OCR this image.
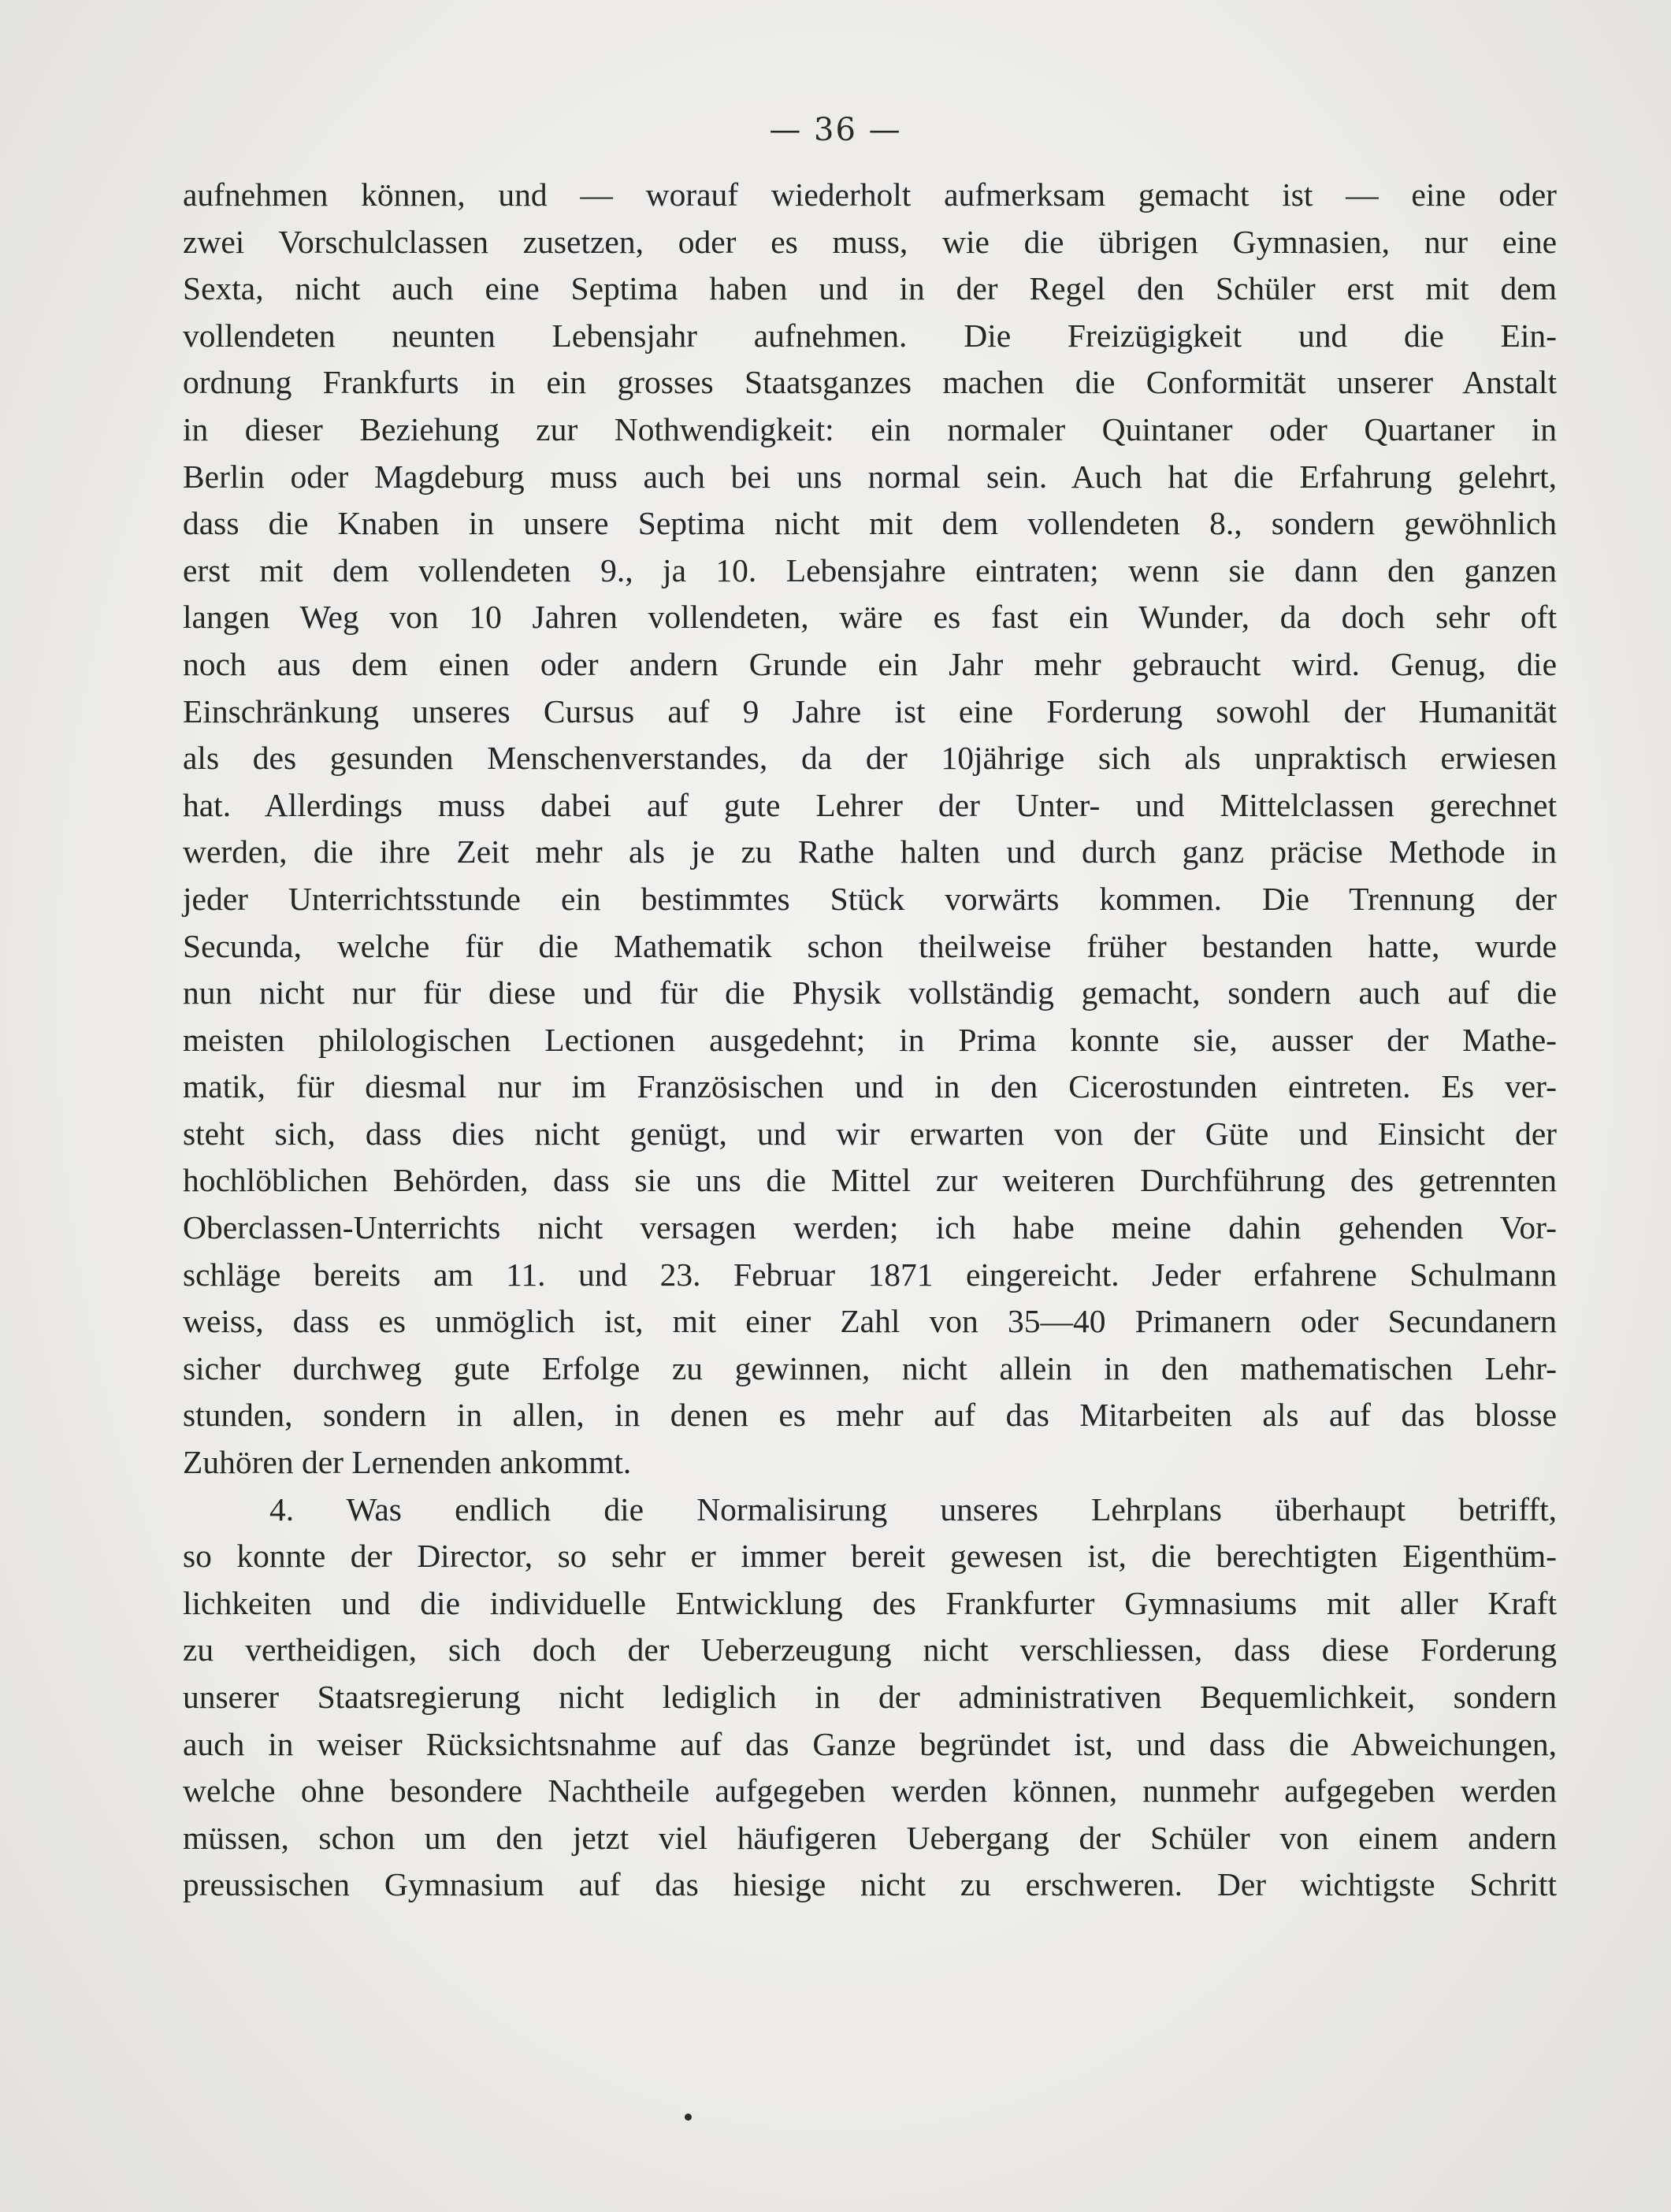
— 36 —
aufnehmen können, und — worauf wiederholt aufmerksam gemacht ist — eine oder
zwei Vorschulclassen zusetzen, oder es muss, wie die übrigen Gymnasien, nur eine
Sexta, nicht auch eine Septima haben und in der Regel den Schüler erst mit dem
vollendeten neunten Lebensjahr aufnehmen. Die Freizügigkeit und die Ein-
ordnung Frankfurts in ein grosses Staatsganzes machen die Conformität unserer Anstalt
in dieser Beziehung zur Nothwendigkeit: ein normaler Quintaner oder Quartaner in
Berlin oder Magdeburg muss auch bei uns normal sein. Auch hat die Erfahrung gelehrt,
dass die Knaben in unsere Septima nicht mit dem vollendeten 8., sondern gewöhnlich
erst mit dem vollendeten 9., ja 10. Lebensjahre eintraten; wenn sie dann den ganzen
langen Weg von 10 Jahren vollendeten, wäre es fast ein Wunder, da doch sehr oft
noch aus dem einen oder andern Grunde ein Jahr mehr gebraucht wird. Genug, die
Einschränkung unseres Cursus auf 9 Jahre ist eine Forderung sowohl der Humanität
als des gesunden Menschenverstandes, da der 10jährige sich als unpraktisch erwiesen
hat. Allerdings muss dabei auf gute Lehrer der Unter- und Mittelclassen gerechnet
werden, die ihre Zeit mehr als je zu Rathe halten und durch ganz präcise Methode in
jeder Unterrichtsstunde ein bestimmtes Stück vorwärts kommen. Die Trennung der
Secunda, welche für die Mathematik schon theilweise früher bestanden hatte, wurde
nun nicht nur für diese und für die Physik vollständig gemacht, sondern auch auf die
meisten philologischen Lectionen ausgedehnt; in Prima konnte sie, ausser der Mathe-
matik, für diesmal nur im Französischen und in den Cicerostunden eintreten. Es ver-
steht sich, dass dies nicht genügt, und wir erwarten von der Güte und Einsicht der
hochlöblichen Behörden, dass sie uns die Mittel zur weiteren Durchführung des getrennten
Oberclassen-Unterrichts nicht versagen werden; ich habe meine dahin gehenden Vor-
schläge bereits am 11. und 23. Februar 1871 eingereicht. Jeder erfahrene Schulmann
weiss, dass es unmöglich ist, mit einer Zahl von 35—40 Primanern oder Secundanern
sicher durchweg gute Erfolge zu gewinnen, nicht allein in den mathematischen Lehr-
stunden, sondern in allen, in denen es mehr auf das Mitarbeiten als auf das blosse
Zuhören der Lernenden ankommt.
4. Was endlich die Normalisirung unseres Lehrplans überhaupt betrifft,
so konnte der Director, so sehr er immer bereit gewesen ist, die berechtigten Eigenthüm-
lichkeiten und die individuelle Entwicklung des Frankfurter Gymnasiums mit aller Kraft
zu vertheidigen, sich doch der Ueberzeugung nicht verschliessen, dass diese Forderung
unserer Staatsregierung nicht lediglich in der administrativen Bequemlichkeit, sondern
auch in weiser Rücksichtsnahme auf das Ganze begründet ist, und dass die Abweichungen,
welche ohne besondere Nachtheile aufgegeben werden können, nunmehr aufgegeben werden
müssen, schon um den jetzt viel häufigeren Uebergang der Schüler von einem andern
preussischen Gymnasium auf das hiesige nicht zu erschweren. Der wichtigste Schritt
